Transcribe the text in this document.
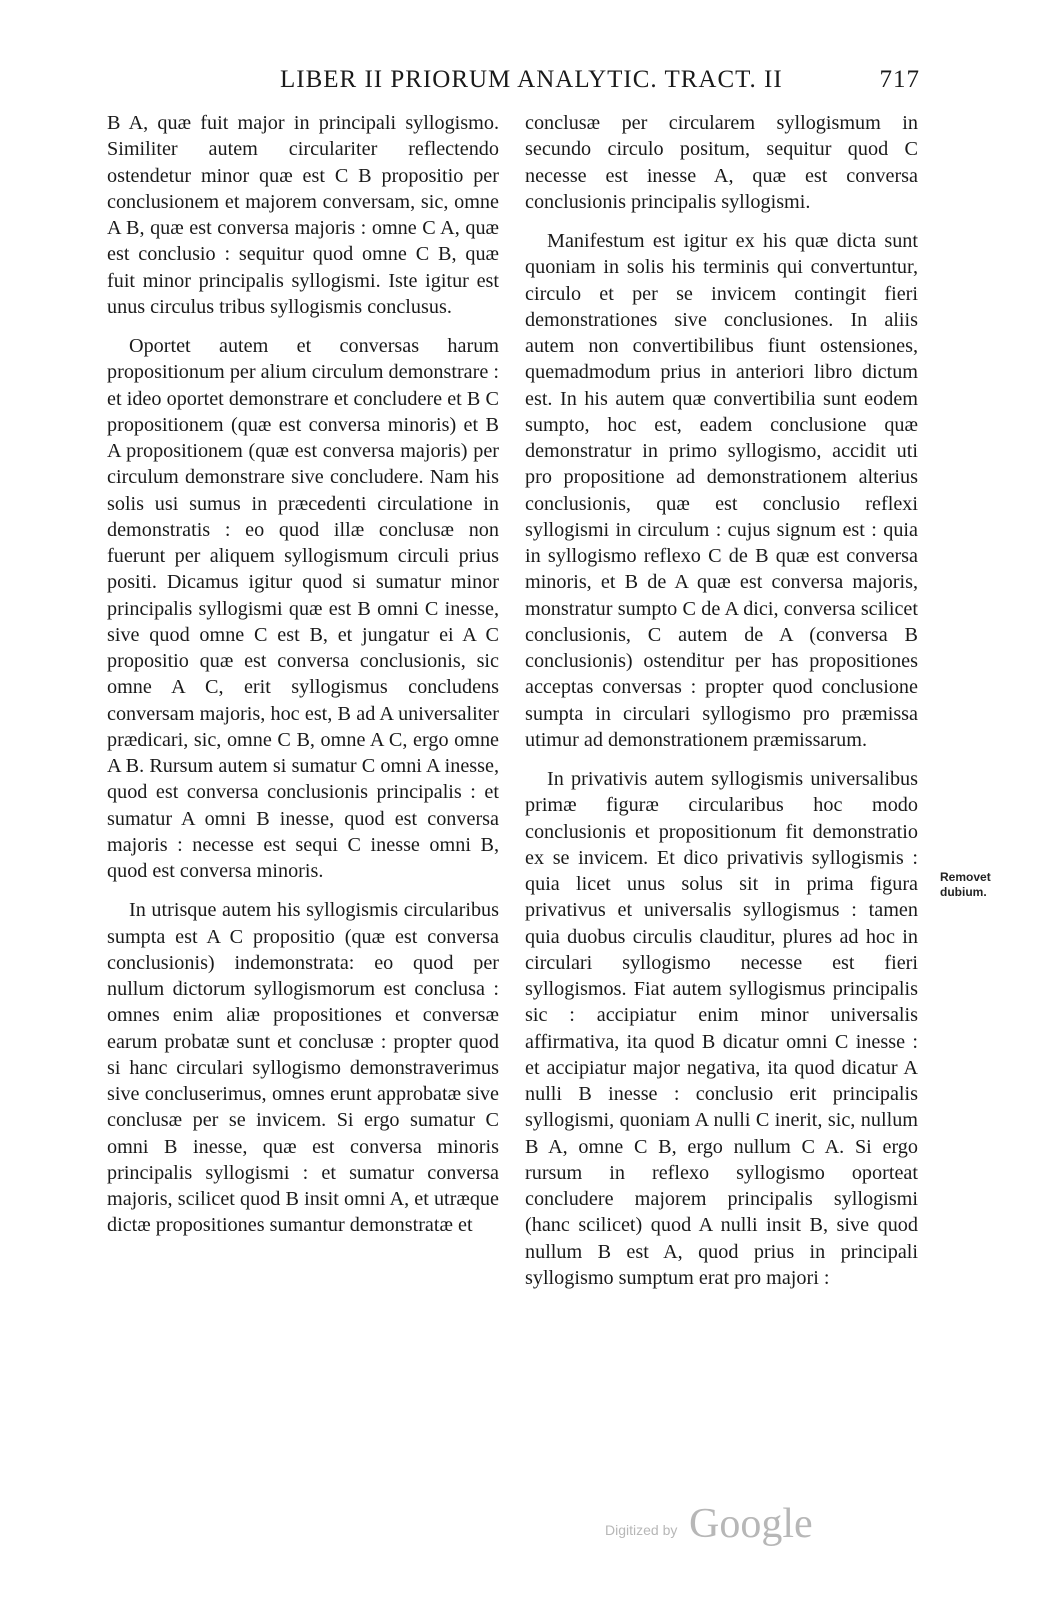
LIBER II PRIORUM ANALYTIC. TRACT. II	717

B A, quæ fuit major in principali syllogismo. Similiter autem circulariter reflectendo ostendetur minor quæ est C B propositio per conclusionem et majorem conversam, sic, omne A B, quæ est conversa majoris : omne C A, quæ est conclusio : sequitur quod omne C B, quæ fuit minor principalis syllogismi. Iste igitur est unus circulus tribus syllogismis conclusus.

Oportet autem et conversas harum propositionum per alium circulum demonstrare : et ideo oportet demonstrare et concludere et B C propositionem (quæ est conversa minoris) et B A propositionem (quæ est conversa majoris) per circulum demonstrare sive concludere. Nam his solis usi sumus in præcedenti circulatione in demonstratis : eo quod illæ conclusæ non fuerunt per aliquem syllogismum circuli prius positi. Dicamus igitur quod si sumatur minor principalis syllogismi quæ est B omni C inesse, sive quod omne C est B, et jungatur ei A C propositio quæ est conversa conclusionis, sic omne A C, erit syllogismus concludens conversam majoris, hoc est, B ad A universaliter prædicari, sic, omne C B, omne A C, ergo omne A B. Rursum autem si sumatur C omni A inesse, quod est conversa conclusionis principalis : et sumatur A omni B inesse, quod est conversa majoris : necesse est sequi C inesse omni B, quod est conversa minoris.

In utrisque autem his syllogismis circularibus sumpta est A C propositio (quæ est conversa conclusionis) indemonstrata: eo quod per nullum dictorum syllogismorum est conclusa : omnes enim aliæ propositiones et conversæ earum probatæ sunt et conclusæ : propter quod si hanc circulari syllogismo demonstraverimus sive concluserimus, omnes erunt approbatæ sive conclusæ per se invicem. Si ergo sumatur C omni B inesse, quæ est conversa minoris principalis syllogismi : et sumatur conversa majoris, scilicet quod B insit omni A, et utræque dictæ propositiones sumantur demonstratæ et

conclusæ per circularem syllogismum in secundo circulo positum, sequitur quod C necesse est inesse A, quæ est conversa conclusionis principalis syllogismi.

Manifestum est igitur ex his quæ dicta sunt quoniam in solis his terminis qui convertuntur, circulo et per se invicem contingit fieri demonstrationes sive conclusiones. In aliis autem non convertibilibus fiunt ostensiones, quemadmodum prius in anteriori libro dictum est. In his autem quæ convertibilia sunt eodem sumpto, hoc est, eadem conclusione quæ demonstratur in primo syllogismo, accidit uti pro propositione ad demonstrationem alterius conclusionis, quæ est conclusio reflexi syllogismi in circulum : cujus signum est : quia in syllogismo reflexo C de B quæ est conversa minoris, et B de A quæ est conversa majoris, monstratur sumpto C de A dici, conversa scilicet conclusionis, C autem de A (conversa B conclusionis) ostenditur per has propositiones acceptas conversas : propter quod conclusione sumpta in circulari syllogismo pro præmissa utimur ad demonstrationem præmissarum.

In privativis autem syllogismis universalibus primæ figuræ circularibus hoc modo conclusionis et propositionum fit demonstratio ex se invicem. Et dico privativis syllogismis : quia licet unus solus sit in prima figura privativus et universalis syllogismus : tamen quia duobus circulis clauditur, plures ad hoc in circulari syllogismo necesse est fieri syllogismos. Fiat autem syllogismus principalis sic : accipiatur enim minor universalis affirmativa, ita quod B dicatur omni C inesse : et accipiatur major negativa, ita quod dicatur A nulli B inesse : conclusio erit principalis syllogismi, quoniam A nulli C inerit, sic, nullum B A, omne C B, ergo nullum C A. Si ergo rursum in reflexo syllogismo oporteat concludere majorem principalis syllogismi (hanc scilicet) quod A nulli insit B, sive quod nullum B est A, quod prius in principali syllogismo sumptum erat pro majori :

Removet dubium.
Digitized by Google
